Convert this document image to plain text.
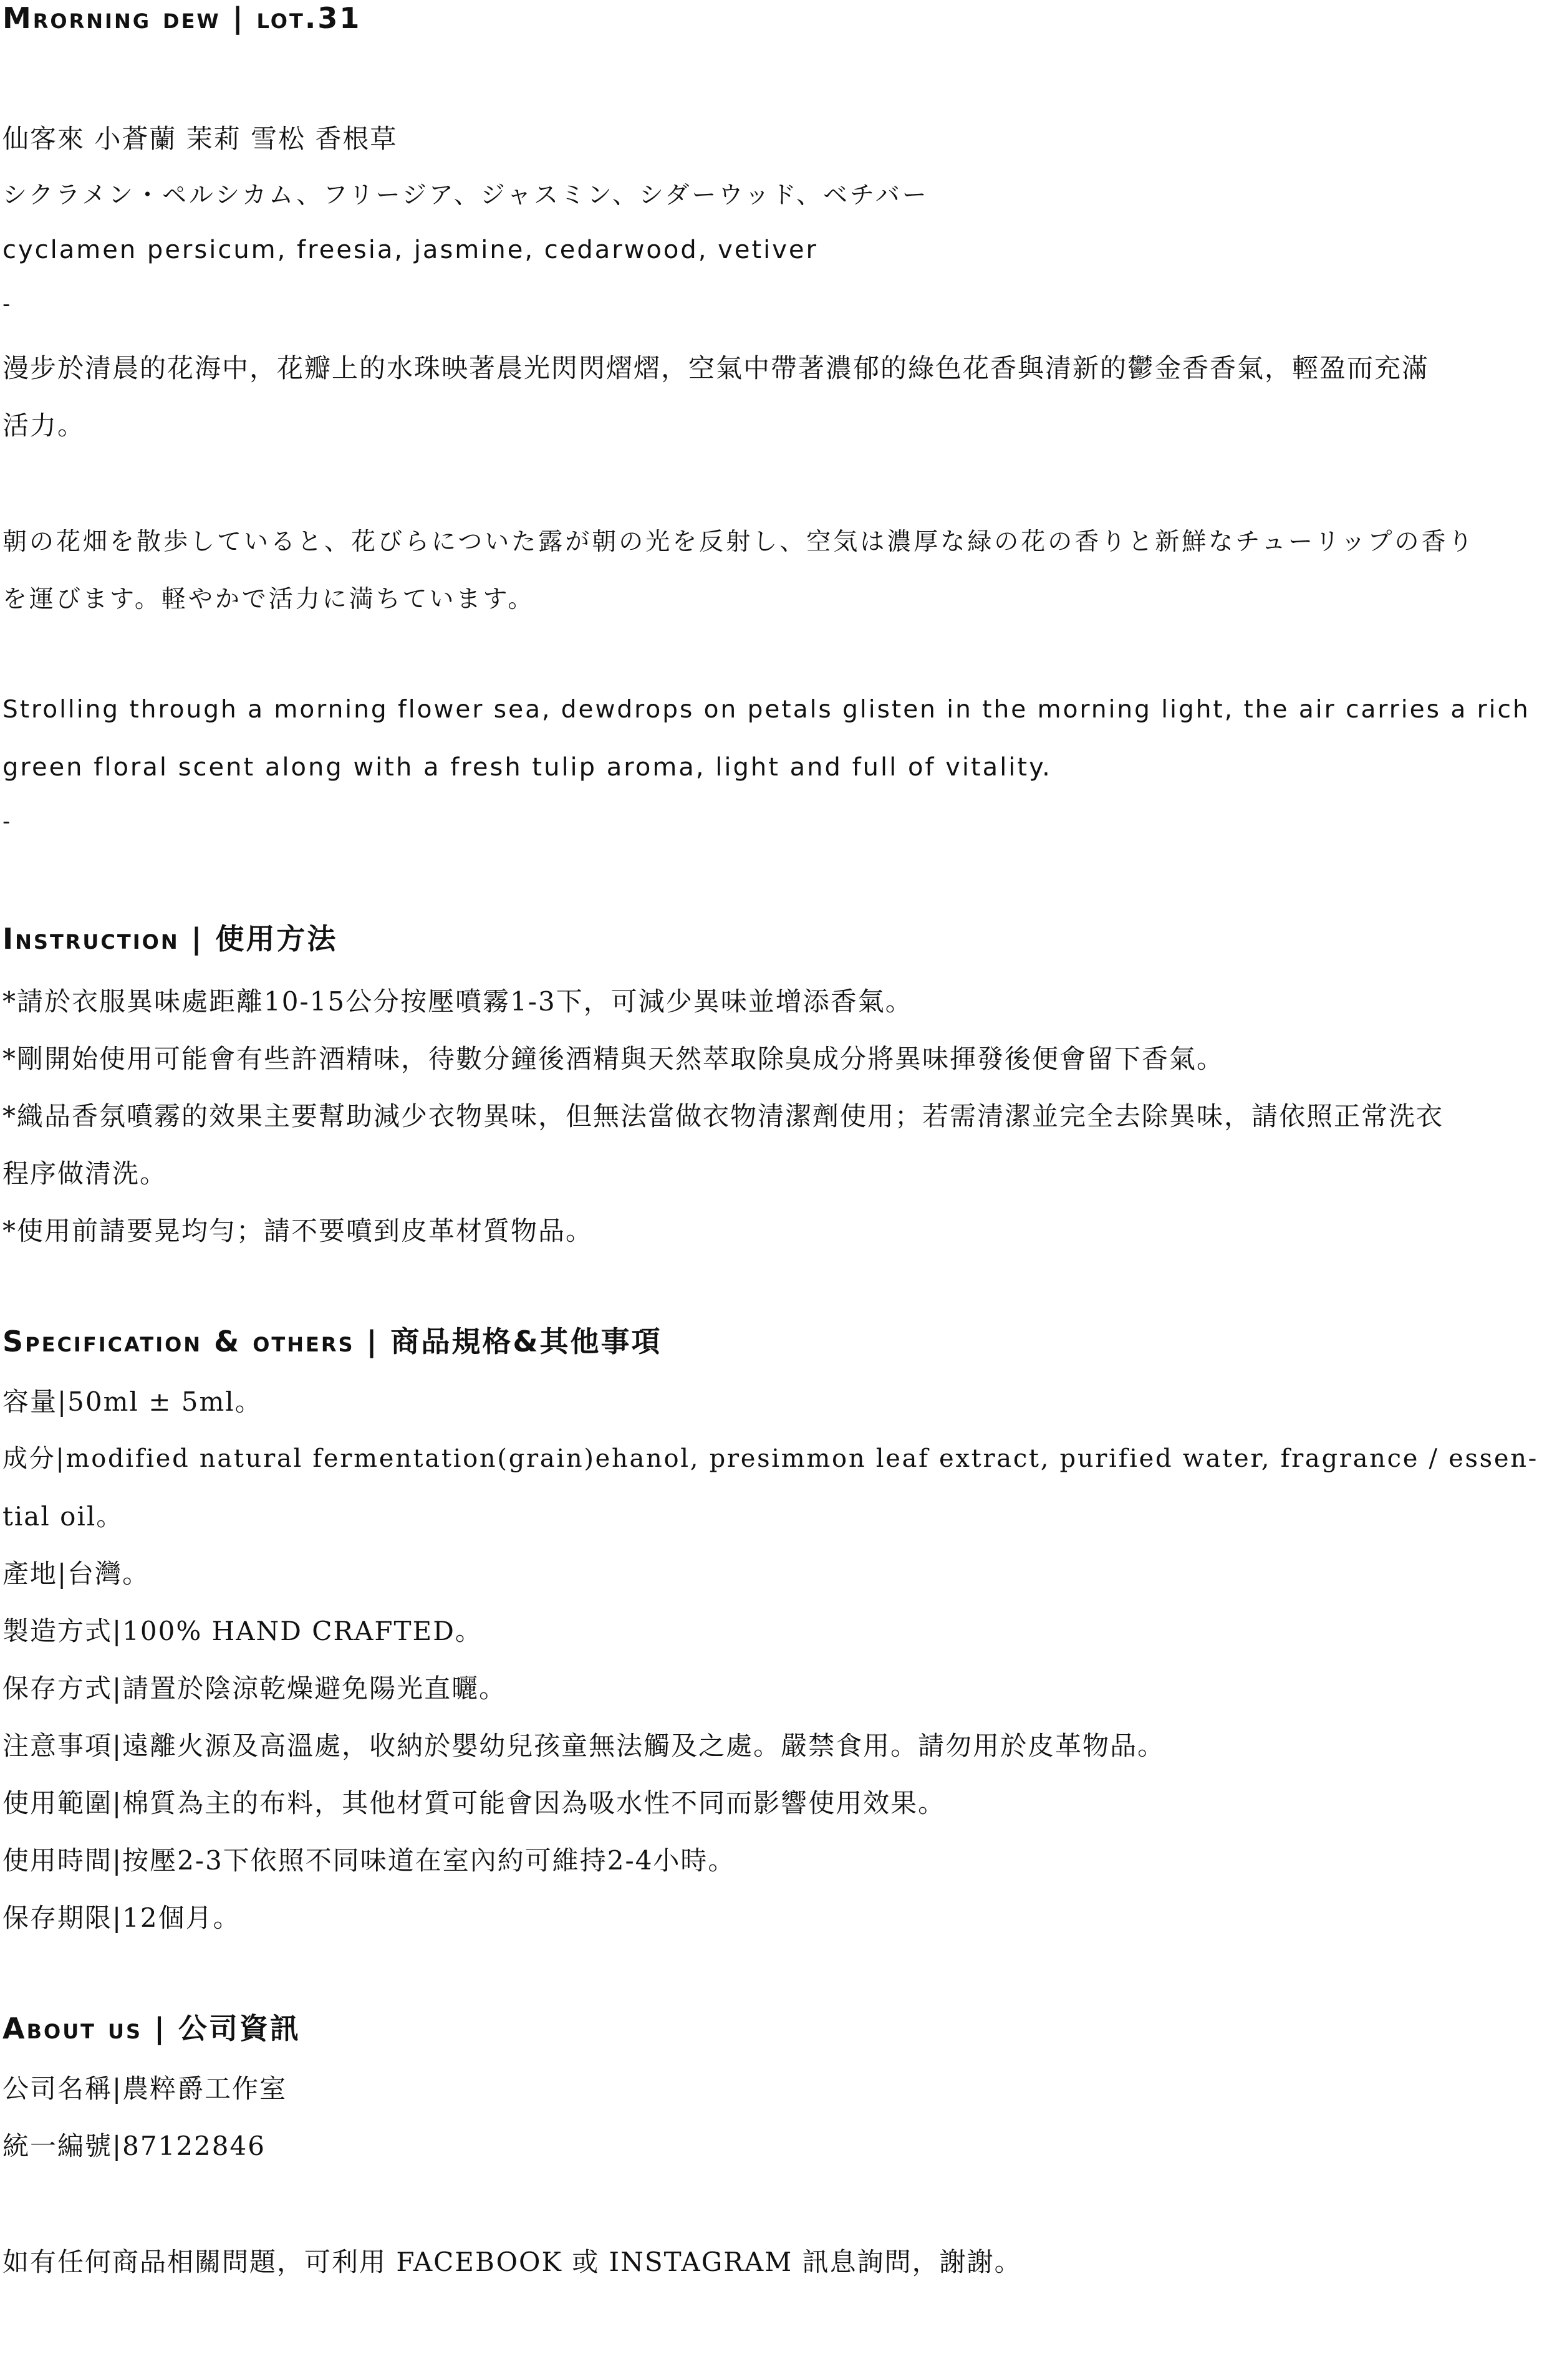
Mrorning dew | lot.31
仙客來 小蒼蘭 茉莉 雪松 香根草
シクラメン・ペルシカム、フリージア、ジャスミン、シダーウッド、ベチバー
cyclamen persicum, freesia, jasmine, cedarwood, vetiver
-
漫步於清晨的花海中，花瓣上的水珠映著晨光閃閃熠熠，空氣中帶著濃郁的綠色花香與清新的鬱金香香氣，輕盈而充滿
活力。
朝の花畑を散歩していると、花びらについた露が朝の光を反射し、空気は濃厚な緑の花の香りと新鮮なチューリップの香り
を運びます。軽やかで活力に満ちています。
Strolling through a morning flower sea, dewdrops on petals glisten in the morning light, the air carries a rich
green floral scent along with a fresh tulip aroma, light and full of vitality.
-
Instruction | 使用方法
*請於衣服異味處距離10-15公分按壓噴霧1-3下，可減少異味並增添香氣。
*剛開始使用可能會有些許酒精味，待數分鐘後酒精與天然萃取除臭成分將異味揮發後便會留下香氣。
*織品香氛噴霧的效果主要幫助減少衣物異味，但無法當做衣物清潔劑使用；若需清潔並完全去除異味，請依照正常洗衣
程序做清洗。
*使用前請要晃均勻；請不要噴到皮革材質物品。
Specification & others | 商品規格&其他事項
容量|50ml ± 5ml。
成分|modified natural fermentation(grain)ehanol, presimmon leaf extract, purified water, fragrance / essen-
tial oil。
產地|台灣。
製造方式|100% HAND CRAFTED。
保存方式|請置於陰涼乾燥避免陽光直曬。
注意事項|遠離火源及高溫處，收納於嬰幼兒孩童無法觸及之處。嚴禁食用。請勿用於皮革物品。
使用範圍|棉質為主的布料，其他材質可能會因為吸水性不同而影響使用效果。
使用時間|按壓2-3下依照不同味道在室內約可維持2-4小時。
保存期限|12個月。
About us | 公司資訊
公司名稱|農粹爵工作室
統一編號|87122846
如有任何商品相關問題，可利用 FACEBOOK 或 INSTAGRAM 訊息詢問，謝謝。
